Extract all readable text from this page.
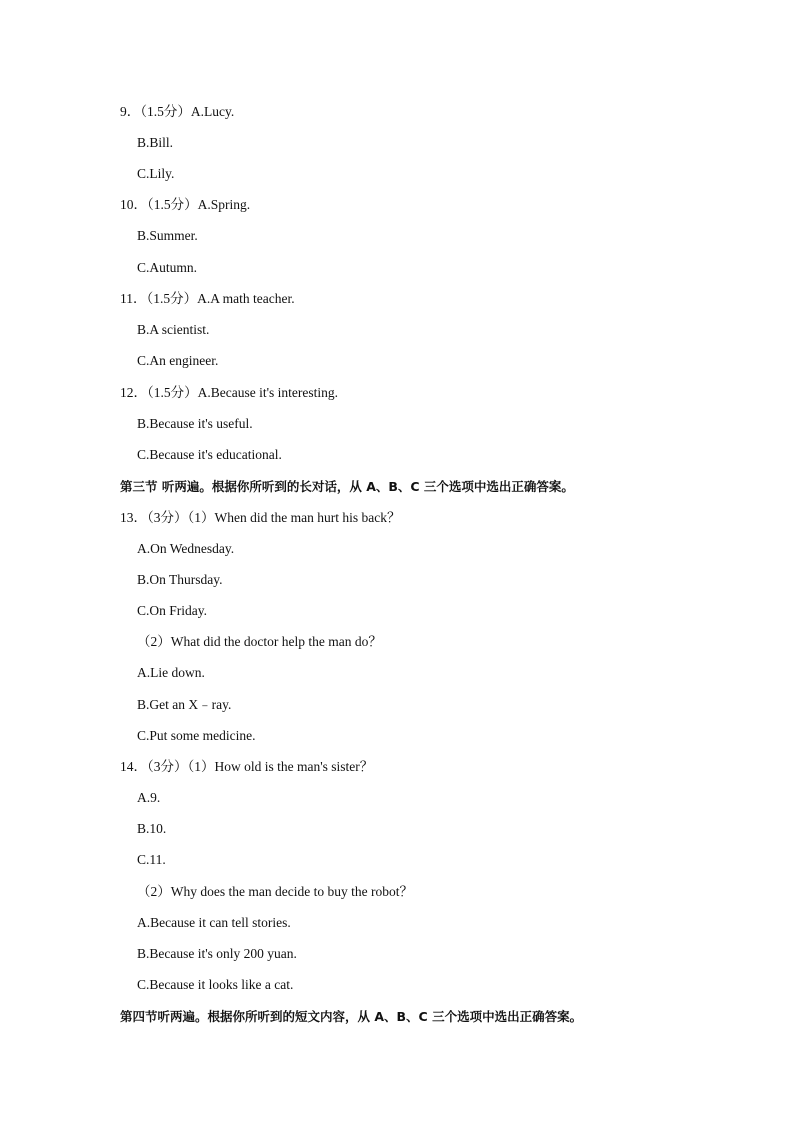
9．（1.5分）A.Lucy.
B.Bill.
C.Lily.
10．（1.5分）A.Spring.
B.Summer.
C.Autumn.
11．（1.5分）A.A math teacher.
B.A scientist.
C.An engineer.
12．（1.5分）A.Because it's interesting.
B.Because it's useful.
C.Because it's educational.
第三节 听两遍。根据你所听到的长对话，从 A、B、C 三个选项中选出正确答案。
13．（3分）（1）When did the man hurt his back？
A.On Wednesday.
B.On Thursday.
C.On Friday.
（2）What did the doctor help the man do？
A.Lie down.
B.Get an X﹣ray.
C.Put some medicine.
14．（3分）（1）How old is the man's sister？
A.9.
B.10.
C.11.
（2）Why does the man decide to buy the robot？
A.Because it can tell stories.
B.Because it's only 200 yuan.
C.Because it looks like a cat.
第四节听两遍。根据你所听到的短文内容，从 A、B、C 三个选项中选出正确答案。
